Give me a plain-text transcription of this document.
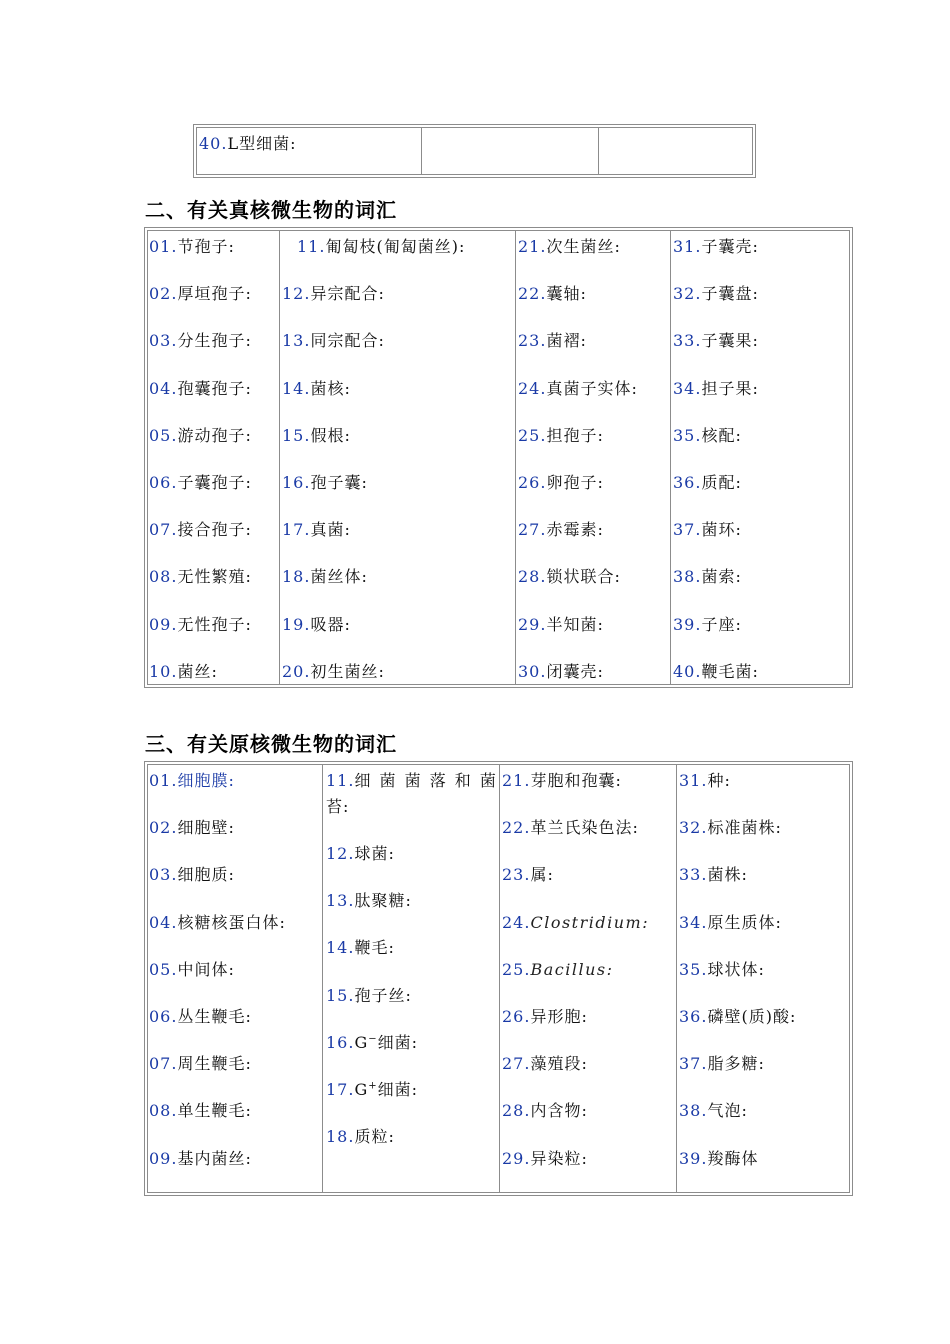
40.L型细菌:
二、有关真核微生物的词汇
01.节孢子:
02.厚垣孢子:
03.分生孢子:
04.孢囊孢子:
05.游动孢子:
06.子囊孢子:
07.接合孢子:
08.无性繁殖:
09.无性孢子:
10.菌丝:
11.匍匐枝(匍匐菌丝):
12.异宗配合:
13.同宗配合:
14.菌核:
15.假根:
16.孢子囊:
17.真菌:
18.菌丝体:
19.吸器:
20.初生菌丝:
21.次生菌丝:
22.囊轴:
23.菌褶:
24.真菌子实体:
25.担孢子:
26.卵孢子:
27.赤霉素:
28.锁状联合:
29.半知菌:
30.闭囊壳:
31.子囊壳:
32.子囊盘:
33.子囊果:
34.担子果:
35.核配:
36.质配:
37.菌环:
38.菌索:
39.子座:
40.鞭毛菌:
三、有关原核微生物的词汇
01.细胞膜:
02.细胞壁:
03.细胞质:
04.核糖核蛋白体:
05.中间体:
06.丛生鞭毛:
07.周生鞭毛:
08.单生鞭毛:
09.基内菌丝:
11.细 菌 菌 落 和 菌
苔:
12.球菌:
13.肽聚糖:
14.鞭毛:
15.孢子丝:
16.G−细菌:
17.G+细菌:
18.质粒:
21.芽胞和孢囊:
22.革兰氏染色法:
23.属:
24.Clostridium:
25.Bacillus:
26.异形胞:
27.藻殖段:
28.内含物:
29.异染粒:
31.种:
32.标准菌株:
33.菌株:
34.原生质体:
35.球状体:
36.磷壁(质)酸:
37.脂多糖:
38.气泡:
39.羧酶体
